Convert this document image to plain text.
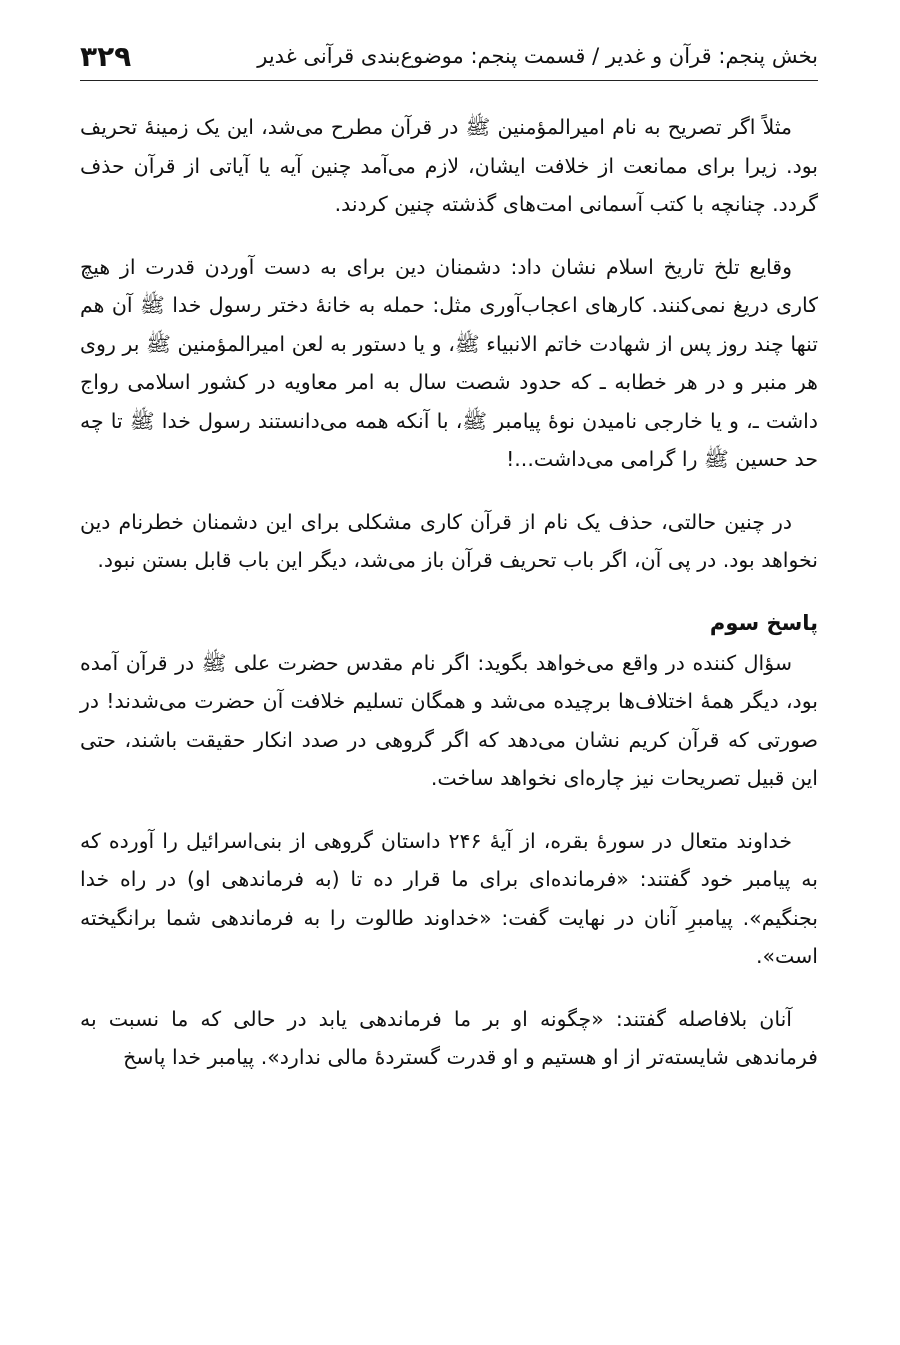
بخش پنجم: قرآن و غدیر / قسمت پنجم: موضوع‌بندی قرآنی غدیر
۳۲۹

مثلاً اگر تصریح به نام امیرالمؤمنین ﷺ در قرآن مطرح می‌شد، این یک زمینهٔ تحریف بود. زیرا برای ممانعت از خلافت ایشان، لازم می‌آمد چنین آیه یا آیاتی از قرآن حذف گردد. چنانچه با کتب آسمانی امت‌های گذشته چنین کردند.

وقایع تلخ تاریخ اسلام نشان داد: دشمنان دین برای به دست آوردن قدرت از هیچ کاری دریغ نمی‌کنند. کارهای اعجاب‌آوری مثل: حمله به خانهٔ دختر رسول خدا ﷺ آن هم تنها چند روز پس از شهادت خاتم الانبیاء ﷺ، و یا دستور به لعن امیرالمؤمنین ﷺ بر روی هر منبر و در هر خطابه ـ که حدود شصت سال به امر معاویه در کشور اسلامی رواج داشت ـ، و یا خارجی نامیدن نوهٔ پیامبر ﷺ، با آنکه همه می‌دانستند رسول خدا ﷺ تا چه حد حسین ﷺ را گرامی می‌داشت...!

در چنین حالتی، حذف یک نام از قرآن کاری مشکلی برای این دشمنان خطرنام دین نخواهد بود. در پی آن، اگر باب تحریف قرآن باز می‌شد، دیگر این باب قابل بستن نبود.

پاسخ سوم

سؤال کننده در واقع می‌خواهد بگوید: اگر نام مقدس حضرت علی ﷺ در قرآن آمده بود، دیگر همهٔ اختلاف‌ها برچیده می‌شد و همگان تسلیم خلافت آن حضرت می‌شدند! در صورتی که قرآن کریم نشان می‌دهد که اگر گروهی در صدد انکار حقیقت باشند، حتی این قبیل تصریحات نیز چاره‌ای نخواهد ساخت.

خداوند متعال در سورهٔ بقره، از آیهٔ ۲۴۶ داستان گروهی از بنی‌اسرائیل را آورده که به پیامبر خود گفتند: «فرمانده‌ای برای ما قرار ده تا (به فرماندهی او) در راه خدا بجنگیم». پیامبرِ آنان در نهایت گفت: «خداوند طالوت را به فرماندهی شما برانگیخته است».

آنان بلافاصله گفتند: «چگونه او بر ما فرماندهی یابد در حالی که ما نسبت به فرماندهی شایسته‌تر از او هستیم و او قدرت گستردهٔ مالی ندارد». پیامبر خدا پاسخ
